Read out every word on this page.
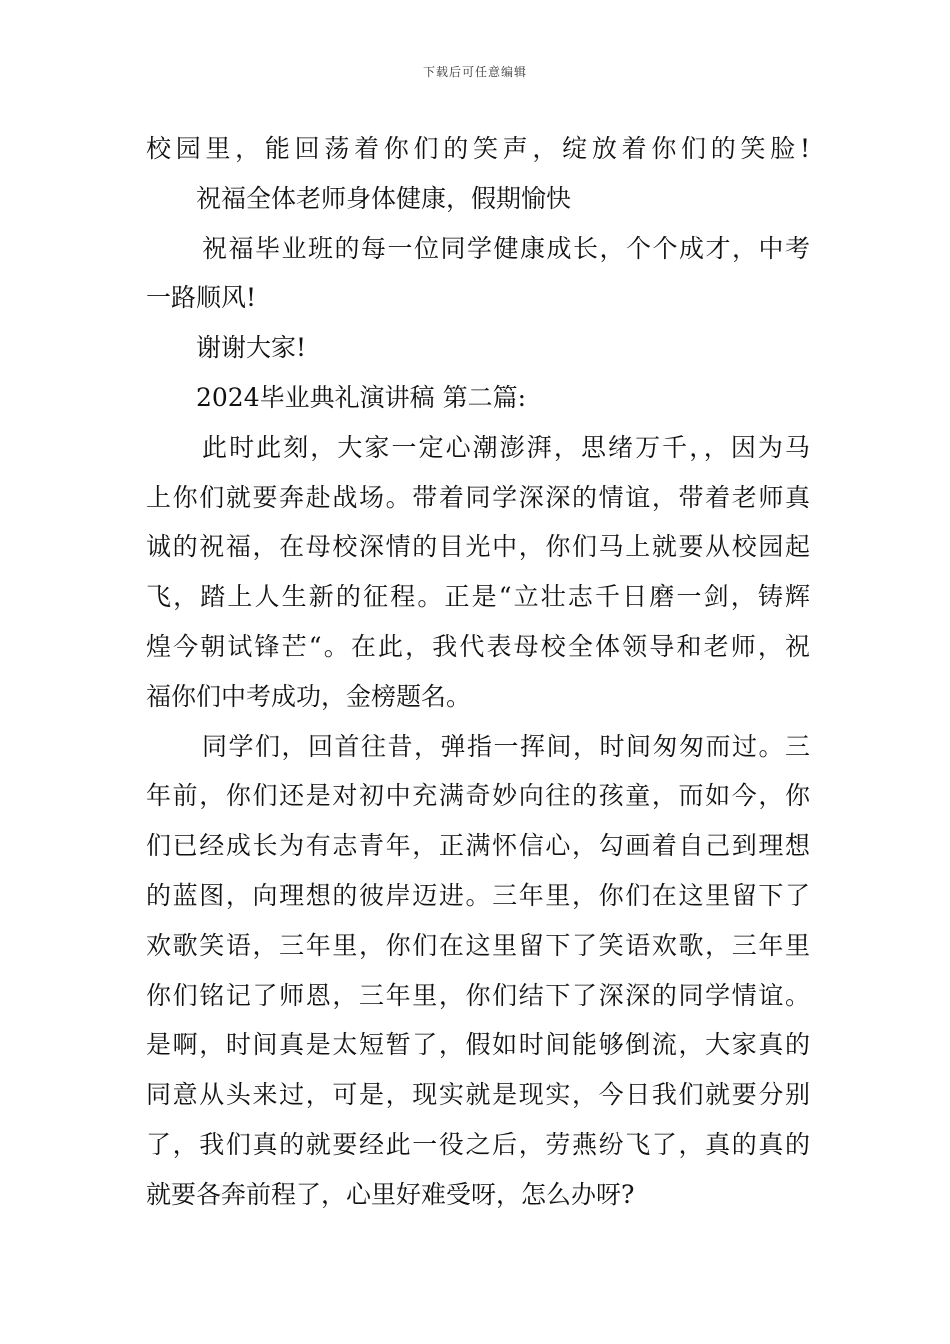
下载后可任意编辑
校园里，能回荡着你们的笑声，绽放着你们的笑脸!
祝福全体老师身体健康，假期愉快
祝福毕业班的每一位同学健康成长，个个成才，中考
一路顺风!
谢谢大家!
2024毕业典礼演讲稿 第二篇:
此时此刻，大家一定心潮澎湃，思绪万千，，因为马
上你们就要奔赴战场。带着同学深深的情谊，带着老师真
诚的祝福，在母校深情的目光中，你们马上就要从校园起
飞，踏上人生新的征程。正是“立壮志千日磨一剑，铸辉
煌今朝试锋芒“。在此，我代表母校全体领导和老师，祝
福你们中考成功，金榜题名。
同学们，回首往昔，弹指一挥间，时间匆匆而过。三
年前，你们还是对初中充满奇妙向往的孩童，而如今，你
们已经成长为有志青年，正满怀信心，勾画着自己到理想
的蓝图，向理想的彼岸迈进。三年里，你们在这里留下了
欢歌笑语，三年里，你们在这里留下了笑语欢歌，三年里
你们铭记了师恩，三年里，你们结下了深深的同学情谊。
是啊，时间真是太短暂了，假如时间能够倒流，大家真的
同意从头来过，可是，现实就是现实，今日我们就要分别
了，我们真的就要经此一役之后，劳燕纷飞了，真的真的
就要各奔前程了，心里好难受呀，怎么办呀?
